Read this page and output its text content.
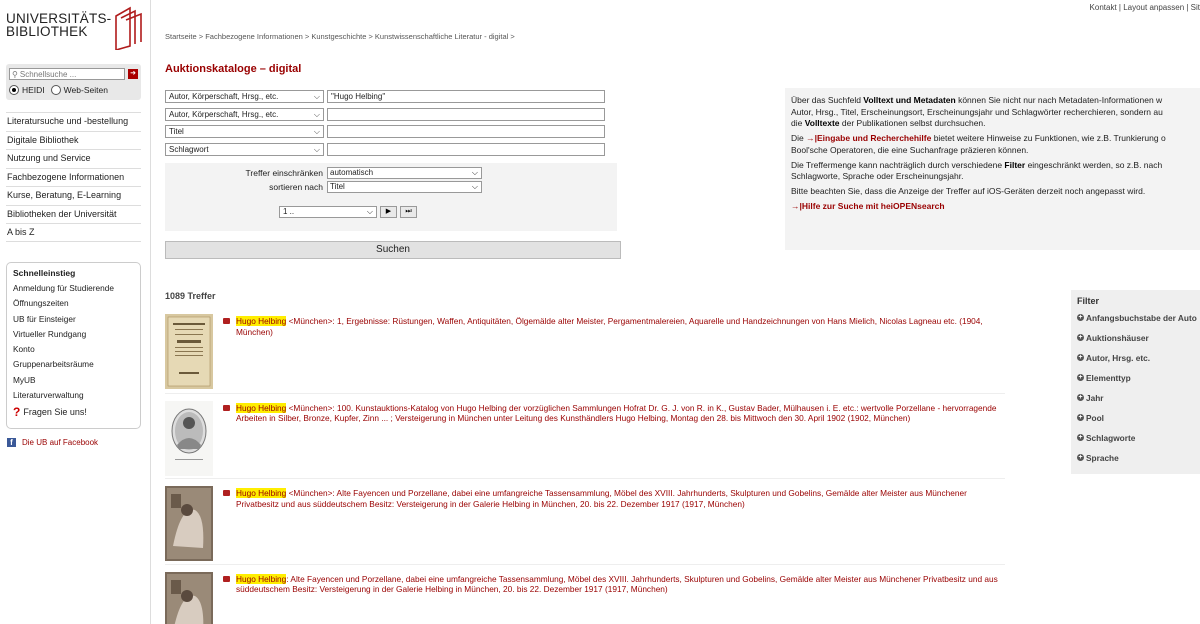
UNIVERSITÄTS-
BIBLIOTHEK
⚲ Schnellsuche ...	➜
HEIDI Web-Seiten
Literatursuche und -bestellung
Digitale Bibliothek
Nutzung und Service
Fachbezogene Informationen
Kurse, Beratung, E-Learning
Bibliotheken der Universität
A bis Z
Schnelleinstieg
Anmeldung für Studierende
Öffnungszeiten
UB für Einsteiger
Virtueller Rundgang
Konto
Gruppenarbeitsräume
MyUB
Literaturverwaltung
? Fragen Sie uns!
f	Die UB auf Facebook
Kontakt | Layout anpassen | Sit
Startseite > Fachbezogene Informationen > Kunstgeschichte > Kunstwissenschaftliche Literatur - digital >
Auktionskataloge – digital
Autor, Körperschaft, Hrsg., etc.	⌵	"Hugo Helbing"
Autor, Körperschaft, Hrsg., etc.	⌵
Titel	⌵
Schlagwort	⌵
Treffer einschränken automatisch	⌵
sortieren nach Titel	⌵
1 ..	⌵	▶	⏭
Suchen

Über das Suchfeld Volltext und Metadaten können Sie nicht nur nach Metadaten-Informationen w
Autor, Hrsg., Titel, Erscheinungsort, Erscheinungsjahr und Schlagwörter recherchieren, sondern au
die Volltexte der Publikationen selbst durchsuchen.

Die →|Eingabe und Recherchehilfe bietet weitere Hinweise zu Funktionen, wie z.B. Trunkierung o
Bool'sche Operatoren, die eine Suchanfrage präzieren können.

Die Treffermenge kann nachträglich durch verschiedene Filter eingeschränkt werden, so z.B. nach
Schlagworte, Sprache oder Erscheinungsjahr.

Bitte beachten Sie, dass die Anzeige der Treffer auf iOS-Geräten derzeit noch angepasst wird.

→|Hilfe zur Suche mit heiOPENsearch

1089 Treffer
Hugo Helbing <München>: 1, Ergebnisse: Rüstungen, Waffen, Antiquitäten, Ölgemälde alter Meister, Pergamentmalereien, Aquarelle und Handzeichnungen von Hans Mielich, Nicolas Lagneau etc. (1904, München)
Hugo Helbing <München>: 100. Kunstauktions-Katalog von Hugo Helbing der vorzüglichen Sammlungen Hofrat Dr. G. J. von R. in K., Gustav Bader, Mülhausen i. E. etc.: wertvolle Porzellane - hervorragende Arbeiten in Silber, Bronze, Kupfer, Zinn ... ; Versteigerung in München unter Leitung des Kunsthändlers Hugo Helbing, Montag den 28. bis Mittwoch den 30. April 1902 (1902, München)
Hugo Helbing <München>: Alte Fayencen und Porzellane, dabei eine umfangreiche Tassensammlung, Möbel des XVIII. Jahrhunderts, Skulpturen und Gobelins, Gemälde alter Meister aus Münchener Privatbesitz und aus süddeutschem Besitz: Versteigerung in der Galerie Helbing in München, 20. bis 22. Dezember 1917 (1917, München)
Hugo Helbing: Alte Fayencen und Porzellane, dabei eine umfangreiche Tassensammlung, Möbel des XVIII. Jahrhunderts, Skulpturen und Gobelins, Gemälde alter Meister aus Münchener Privatbesitz und aus süddeutschem Besitz: Versteigerung in der Galerie Helbing in München, 20. bis 22. Dezember 1917 (1917, München)
Filter
+ Anfangsbuchstabe der Auto
+ Auktionshäuser
+ Autor, Hrsg. etc.
+ Elementtyp
+ Jahr
+ Pool
+ Schlagworte
+ Sprache
